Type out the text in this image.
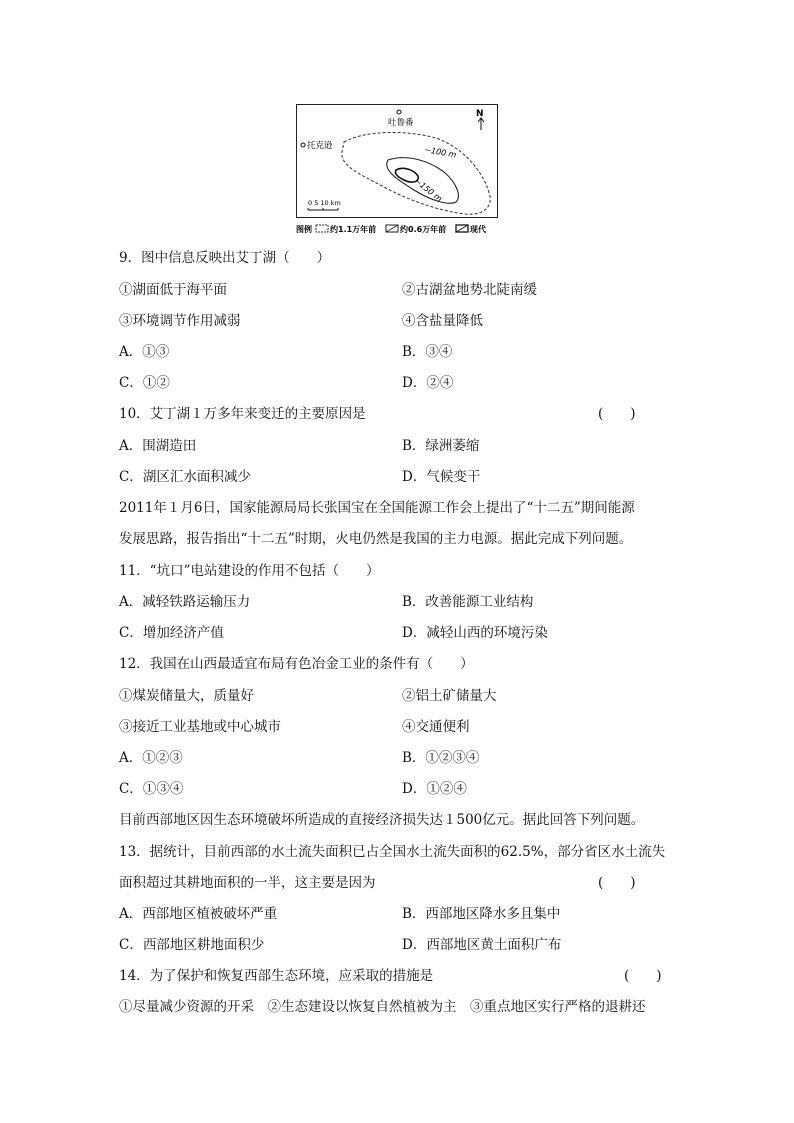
吐鲁番
托克逊	−100 m
−150 m
N
0 5 10 km
图例 约1.1万年前	约0.6万年前	现代
9．图中信息反映出艾丁湖（　　）
①湖面低于海平面	②古湖盆地势北陡南缓
③环境调节作用减弱	④含盐量降低
A．①③	B．③④
C．①②	D．②④
10．艾丁湖１万多年来变迁的主要原因是	(　　)
A．围湖造田	B．绿洲萎缩
C．湖区汇水面积减少	D．气候变干
2011年１月6日，国家能源局局长张国宝在全国能源工作会上提出了“十二五”期间能源
发展思路，报告指出“十二五”时期，火电仍然是我国的主力电源。据此完成下列问题。
11．“坑口”电站建设的作用不包括（　　）
A．减轻铁路运输压力	B．改善能源工业结构
C．增加经济产值	D．减轻山西的环境污染
12．我国在山西最适宜布局有色冶金工业的条件有（　　）
①煤炭储量大，质量好	②铝土矿储量大
③接近工业基地或中心城市	④交通便利
A．①②③	B．①②③④
C．①③④	D．①②④
目前西部地区因生态环境破坏所造成的直接经济损失达１500亿元。据此回答下列问题。
13．据统计，目前西部的水土流失面积已占全国水土流失面积的62.5%，部分省区水土流失
面积超过其耕地面积的一半，这主要是因为	(　　)
A．西部地区植被破坏严重	B．西部地区降水多且集中
C．西部地区耕地面积少	D．西部地区黄土面积广布
14．为了保护和恢复西部生态环境，应采取的措施是	(　　)
①尽量减少资源的开采　②生态建设以恢复自然植被为主　③重点地区实行严格的退耕还
